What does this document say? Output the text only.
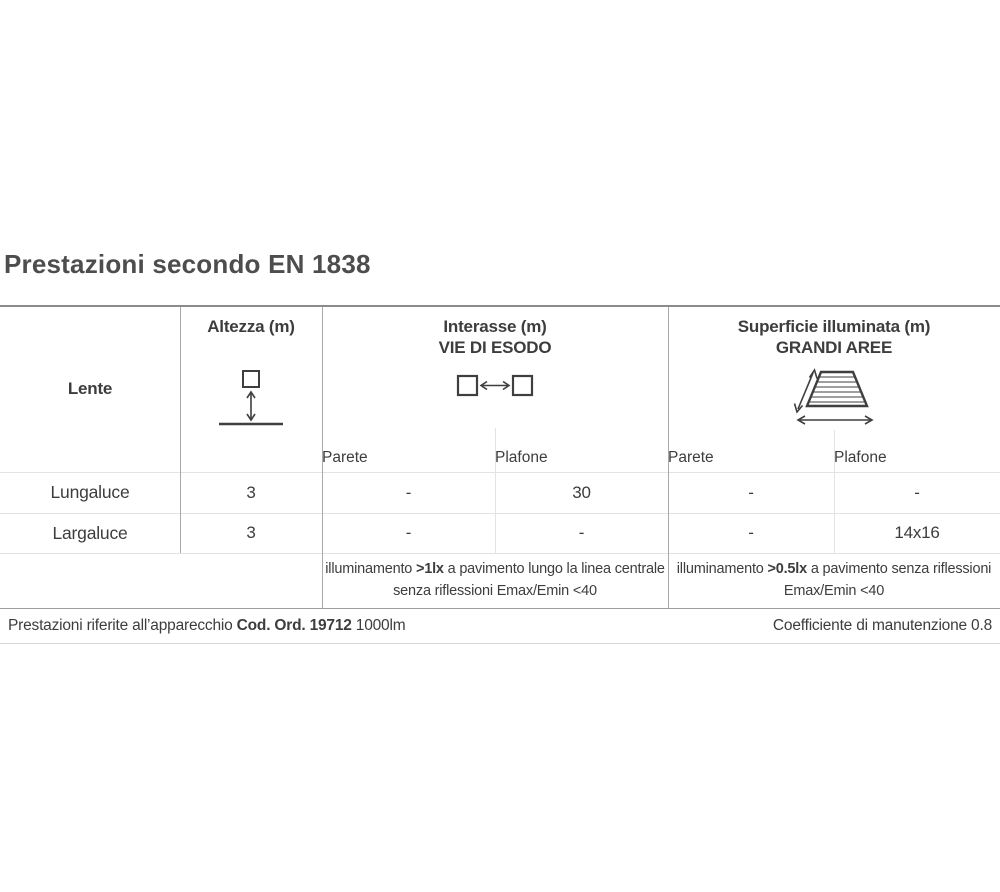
Prestazioni secondo EN 1838
Lente
Altezza (m)	Interasse (m)
VIE DI ESODO
Superficie illuminata (m)
GRANDI AREE
Parete	Plafone	Parete	Plafone
Lungaluce	3	-	30	-	-
Largaluce	3	-	-	-	14x16
illuminamento >1lx a pavimento lungo la linea centrale senza riflessioni Emax/Emin <40
illuminamento >0.5lx a pavimento senza riflessioni Emax/Emin <40
Prestazioni riferite all’apparecchio Cod. Ord. 19712 1000lm	Coefficiente di manutenzione 0.8
